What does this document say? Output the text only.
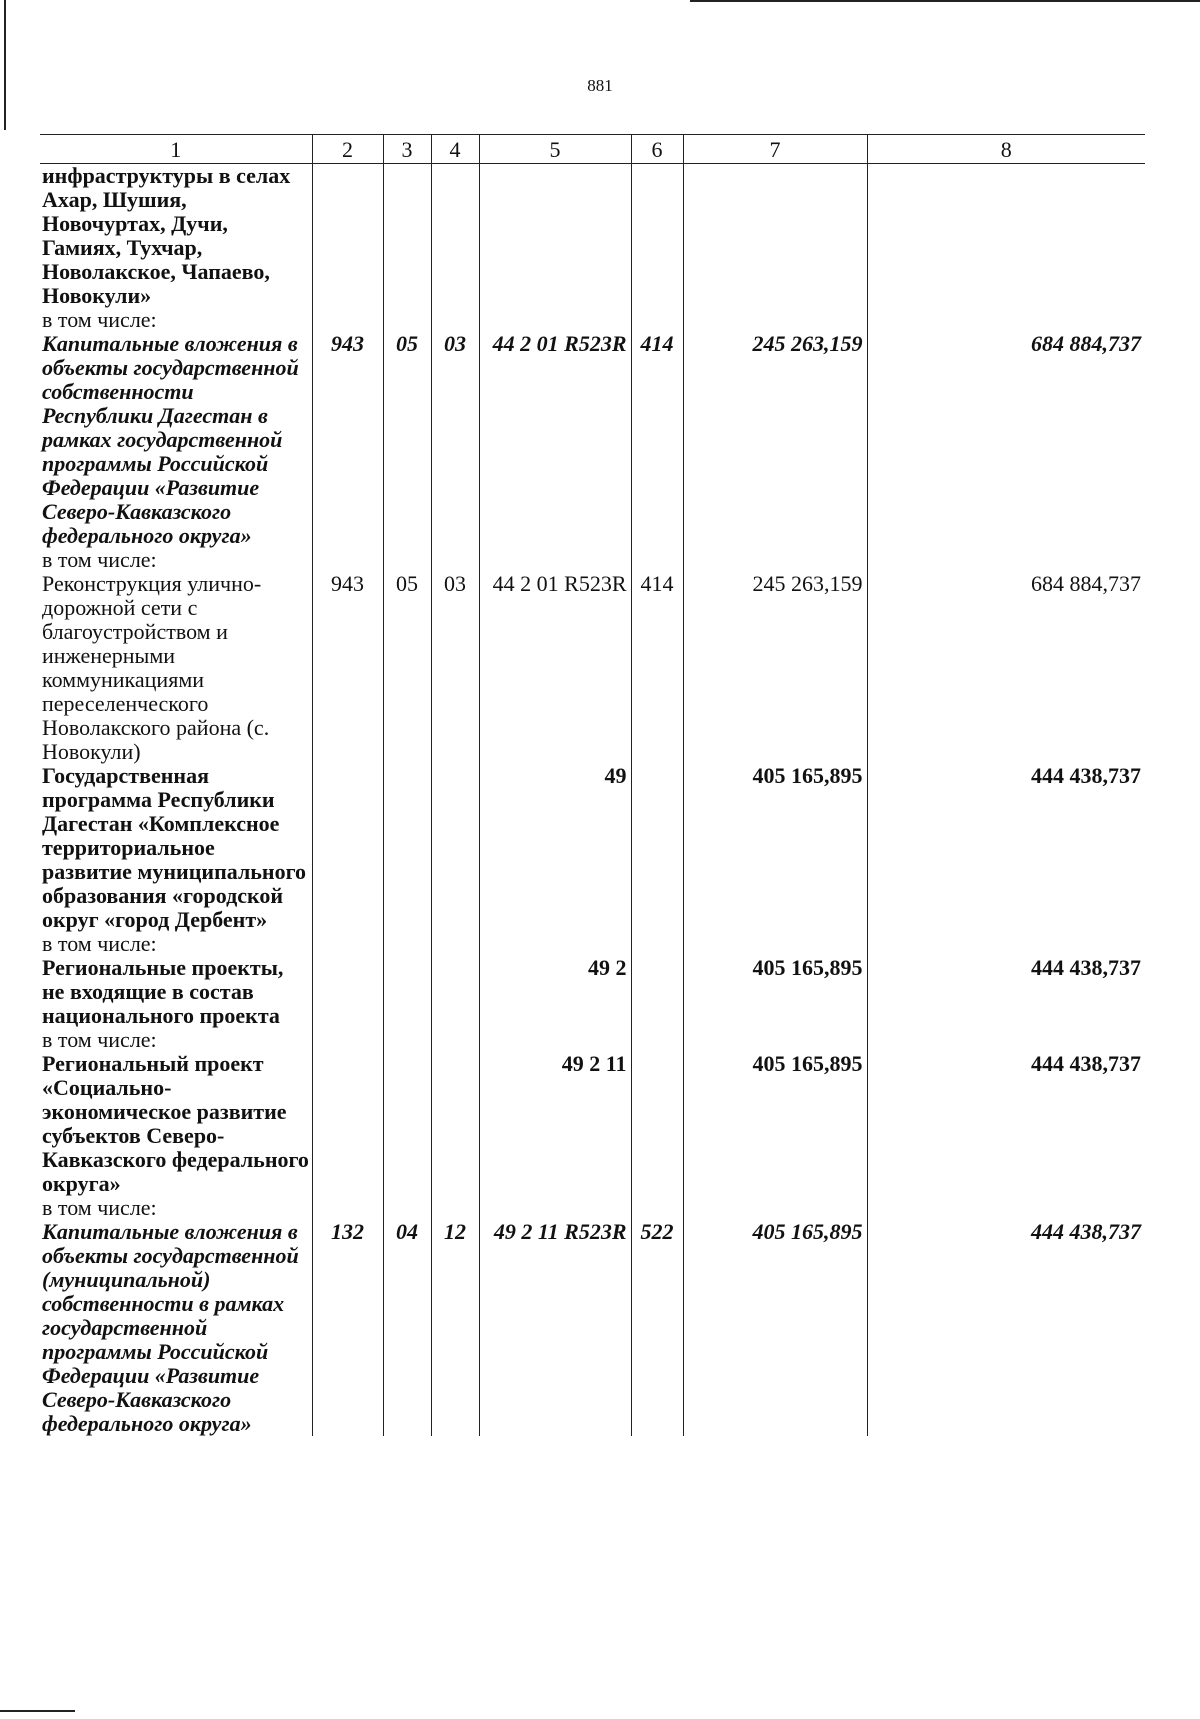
881
1	2	3	4	5	6	7	8
инфраструктуры в селах Ахар, Шушия, Новочуртах, Дучи, Гамиях, Тухчар, Новолакское, Чапаево, Новокули»							
в том числе:							
Капитальные вложения в объекты государственной собственности Республики Дагестан в рамках государственной программы Российской Федерации «Развитие Северо-Кавказского федерального округа»	943	05	03	44 2 01 R523R	414	245 263,159	684 884,737
в том числе:							
Реконструкция улично-дорожной сети с благоустройством и инженерными коммуникациями переселенческого Новолакского района (с. Новокули)	943	05	03	44 2 01 R523R	414	245 263,159	684 884,737
Государственная программа Республики Дагестан «Комплексное территориальное развитие муниципального образования «городской округ «город Дербент»				49		405 165,895	444 438,737
в том числе:							
Региональные проекты, не входящие в состав национального проекта				49 2		405 165,895	444 438,737
в том числе:							
Региональный проект «Социально-экономическое развитие субъектов Северо-Кавказского федерального округа»				49 2 11		405 165,895	444 438,737
в том числе:							
Капитальные вложения в объекты государственной (муниципальной) собственности в рамках государственной программы Российской Федерации «Развитие Северо-Кавказского федерального округа»	132	04	12	49 2 11 R523R	522	405 165,895	444 438,737
